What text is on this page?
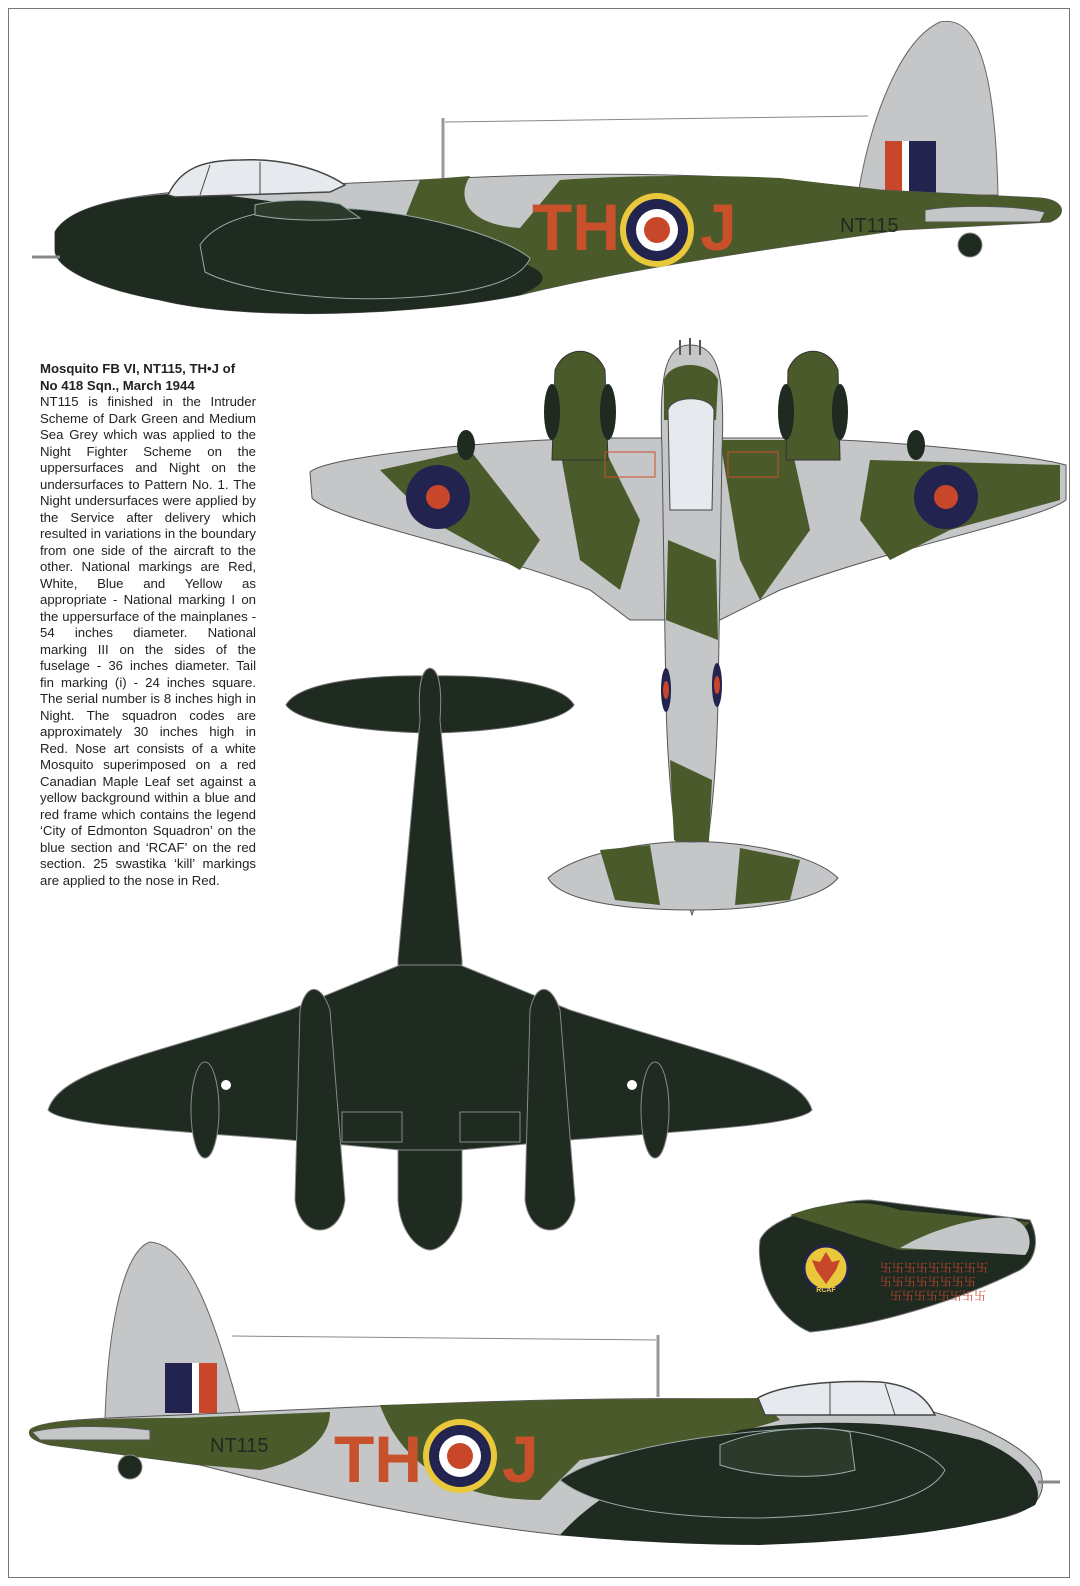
Mosquito FB VI, NT115, TH•J of No 418 Sqn., March 1944
NT115 is finished in the Intruder Scheme of Dark Green and Medium Sea Grey which was applied to the Night Fighter Scheme on the uppersurfaces and Night on the undersurfaces to Pattern No. 1. The Night undersurfaces were applied by the Service after delivery which resulted in variations in the boundary from one side of the aircraft to the other. National markings are Red, White, Blue and Yellow as appropriate - National marking I on the uppersurface of the mainplanes - 54 inches diameter. National marking III on the sides of the fuselage - 36 inches diameter. Tail fin marking (i) - 24 inches square. The serial number is 8 inches high in Night. The squadron codes are approximately 30 inches high in Red. Nose art consists of a white Mosquito superimposed on a red Canadian Maple Leaf set against a yellow background within a blue and red frame which contains the legend ‘City of Edmonton Squadron’ on the blue section and ‘RCAF’ on the red section. 25 swastika ‘kill’ markings are applied to the nose in Red.
TH J	NT115
RCAF
卐卐卐卐卐卐卐卐卐
卐卐卐卐卐卐卐卐
卐卐卐卐卐卐卐卐
TH J
NT115
